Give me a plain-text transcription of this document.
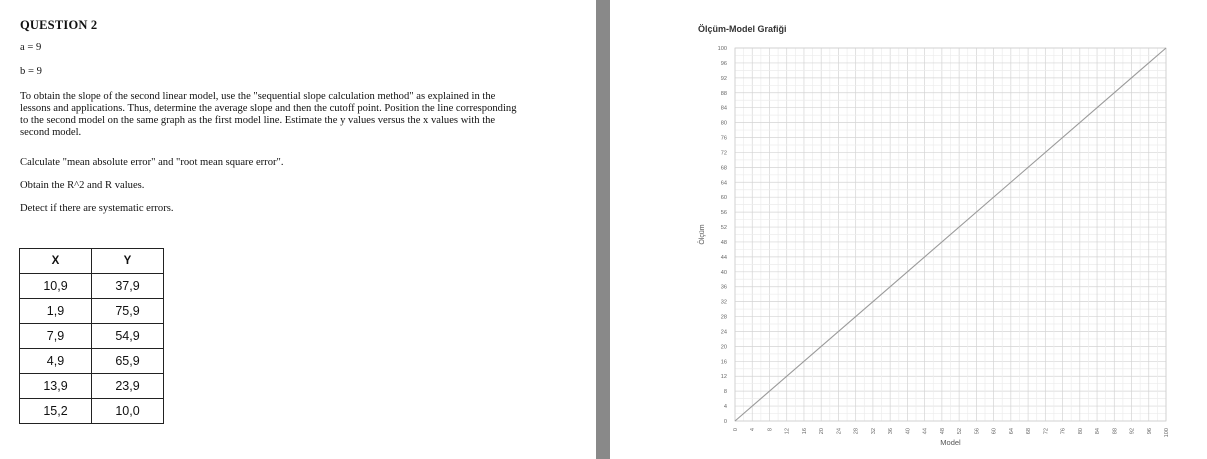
QUESTION 2
a = 9
b = 9
To obtain the slope of the second linear model, use the "sequential slope calculation method" as explained in the lessons and applications. Thus, determine the average slope and then the cutoff point. Position the line corresponding to the second model on the same graph as the first model line. Estimate the y values versus the x values with the second model.
Calculate "mean absolute error" and "root mean square error".
Obtain the R^2 and R values.
Detect if there are systematic errors.
X	Y
10,9	37,9
1,9	75,9
7,9	54,9
4,9	65,9
13,9	23,9
15,2	10,0
Ölçüm-Model Grafiği
0
4
8
12
16
20
24
28
32
36
40
44
48
52
56
60
64
68
72
76
80
84
88
92
96
100
0 4 8 12 16 20 24 28 32 36 40 44 48 52 56 60 64 68 72 76 80 84 88 92 96 100
Ölçüm
Model
